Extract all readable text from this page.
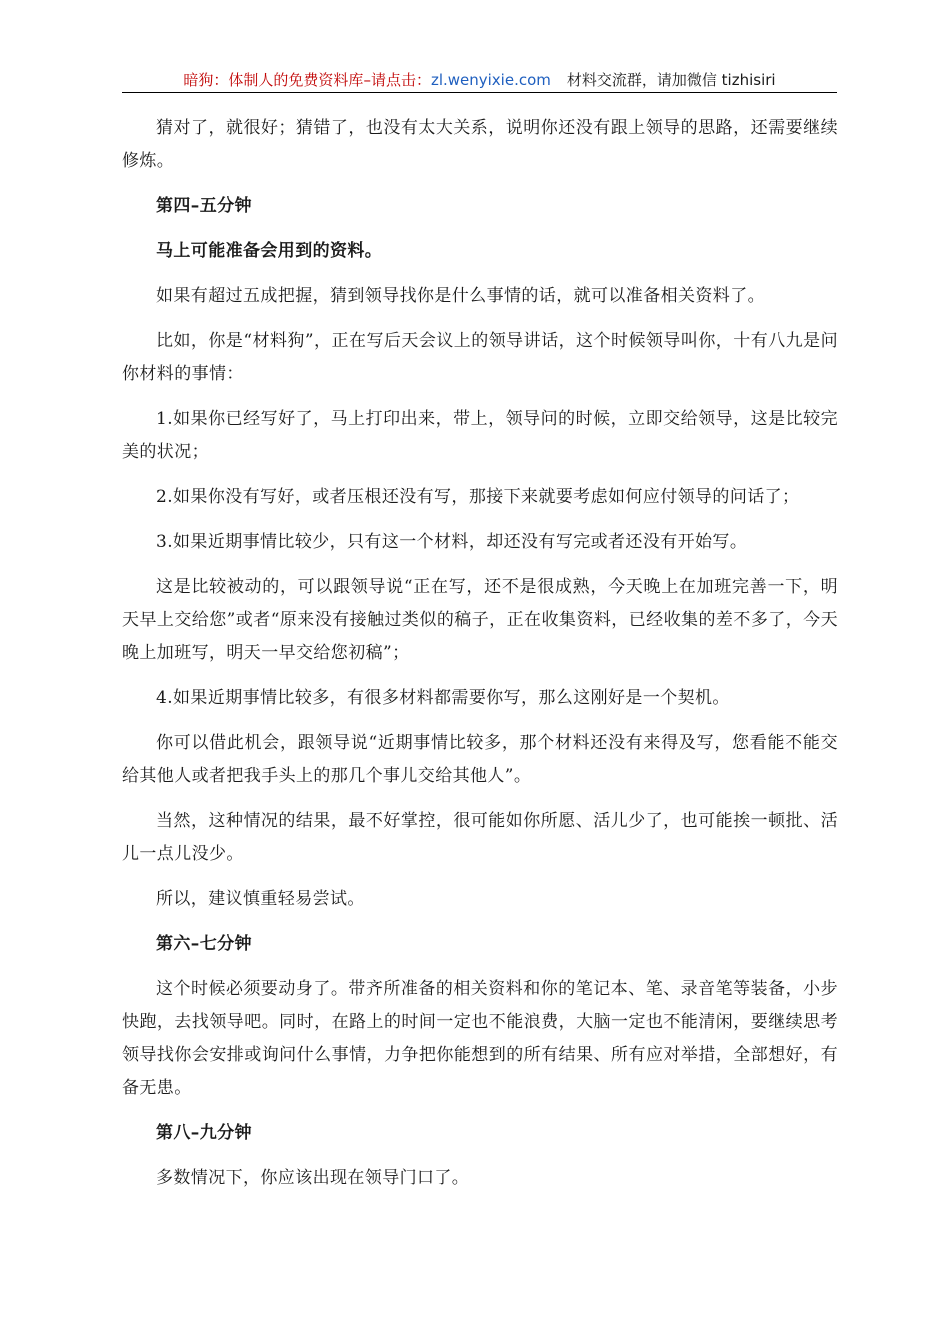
暗狗：体制人的免费资料库–请点击：zl.wenyixie.com 材料交流群，请加微信 tizhisiri

猜对了，就很好；猜错了，也没有太大关系，说明你还没有跟上领导的思路，还需要继续修炼。

第四–五分钟

马上可能准备会用到的资料。

如果有超过五成把握，猜到领导找你是什么事情的话，就可以准备相关资料了。

比如，你是“材料狗”，正在写后天会议上的领导讲话，这个时候领导叫你，十有八九是问你材料的事情：

1.如果你已经写好了，马上打印出来，带上，领导问的时候，立即交给领导，这是比较完美的状况；

2.如果你没有写好，或者压根还没有写，那接下来就要考虑如何应付领导的问话了；

3.如果近期事情比较少，只有这一个材料，却还没有写完或者还没有开始写。

这是比较被动的，可以跟领导说“正在写，还不是很成熟，今天晚上在加班完善一下，明天早上交给您”或者“原来没有接触过类似的稿子，正在收集资料，已经收集的差不多了，今天晚上加班写，明天一早交给您初稿”；

4.如果近期事情比较多，有很多材料都需要你写，那么这刚好是一个契机。

你可以借此机会，跟领导说“近期事情比较多，那个材料还没有来得及写，您看能不能交给其他人或者把我手头上的那几个事儿交给其他人”。

当然，这种情况的结果，最不好掌控，很可能如你所愿、活儿少了，也可能挨一顿批、活儿一点儿没少。

所以，建议慎重轻易尝试。

第六–七分钟

这个时候必须要动身了。带齐所准备的相关资料和你的笔记本、笔、录音笔等装备，小步快跑，去找领导吧。同时，在路上的时间一定也不能浪费，大脑一定也不能清闲，要继续思考领导找你会安排或询问什么事情，力争把你能想到的所有结果、所有应对举措，全部想好，有备无患。

第八–九分钟

多数情况下，你应该出现在领导门口了。
